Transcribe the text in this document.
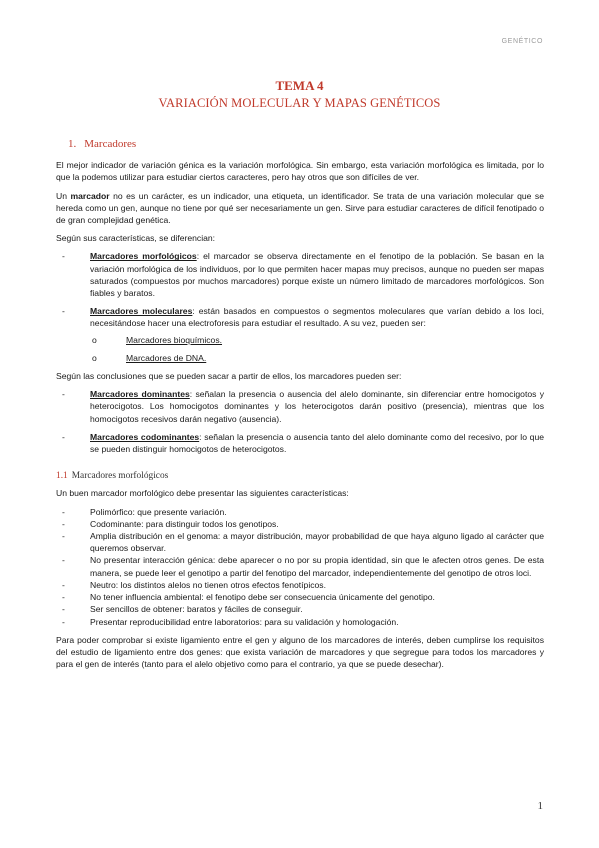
GENÉTICO
TEMA 4
VARIACIÓN MOLECULAR Y MAPAS GENÉTICOS
1. Marcadores

El mejor indicador de variación génica es la variación morfológica. Sin embargo, esta variación morfológica es limitada, por lo que la podemos utilizar para estudiar ciertos caracteres, pero hay otros que son difíciles de ver.

Un marcador no es un carácter, es un indicador, una etiqueta, un identificador. Se trata de una variación molecular que se hereda como un gen, aunque no tiene por qué ser necesariamente un gen. Sirve para estudiar caracteres de difícil fenotipado o de gran complejidad genética.

Según sus características, se diferencian:

- Marcadores morfológicos: el marcador se observa directamente en el fenotipo de la población. Se basan en la variación morfológica de los individuos, por lo que permiten hacer mapas muy precisos, aunque no pueden ser mapas saturados (compuestos por muchos marcadores) porque existe un número limitado de marcadores morfológicos. Son fiables y baratos.
- Marcadores moleculares: están basados en compuestos o segmentos moleculares que varían debido a los loci, necesitándose hacer una electroforesis para estudiar el resultado. A su vez, pueden ser:
o Marcadores bioquímicos.
o Marcadores de DNA.

Según las conclusiones que se pueden sacar a partir de ellos, los marcadores pueden ser:

- Marcadores dominantes: señalan la presencia o ausencia del alelo dominante, sin diferenciar entre homocigotos y heterocigotos. Los homocigotos dominantes y los heterocigotos darán positivo (presencia), mientras que los homocigotos recesivos darán negativo (ausencia).
- Marcadores codominantes: señalan la presencia o ausencia tanto del alelo dominante como del recesivo, por lo que se pueden distinguir homocigotos de heterocigotos.
1.1 Marcadores morfológicos

Un buen marcador morfológico debe presentar las siguientes características:

- Polimórfico: que presente variación.
- Codominante: para distinguir todos los genotipos.
- Amplia distribución en el genoma: a mayor distribución, mayor probabilidad de que haya alguno ligado al carácter que queremos observar.
- No presentar interacción génica: debe aparecer o no por su propia identidad, sin que le afecten otros genes. De esta manera, se puede leer el genotipo a partir del fenotipo del marcador, independientemente del genotipo de otros loci.
- Neutro: los distintos alelos no tienen otros efectos fenotípicos.
- No tener influencia ambiental: el fenotipo debe ser consecuencia únicamente del genotipo.
- Ser sencillos de obtener: baratos y fáciles de conseguir.
- Presentar reproducibilidad entre laboratorios: para su validación y homologación.

Para poder comprobar si existe ligamiento entre el gen y alguno de los marcadores de interés, deben cumplirse los requisitos del estudio de ligamiento entre dos genes: que exista variación de marcadores y que segregue para todos los marcadores y para el gen de interés (tanto para el alelo objetivo como para el contrario, ya que se puede desechar).

1
